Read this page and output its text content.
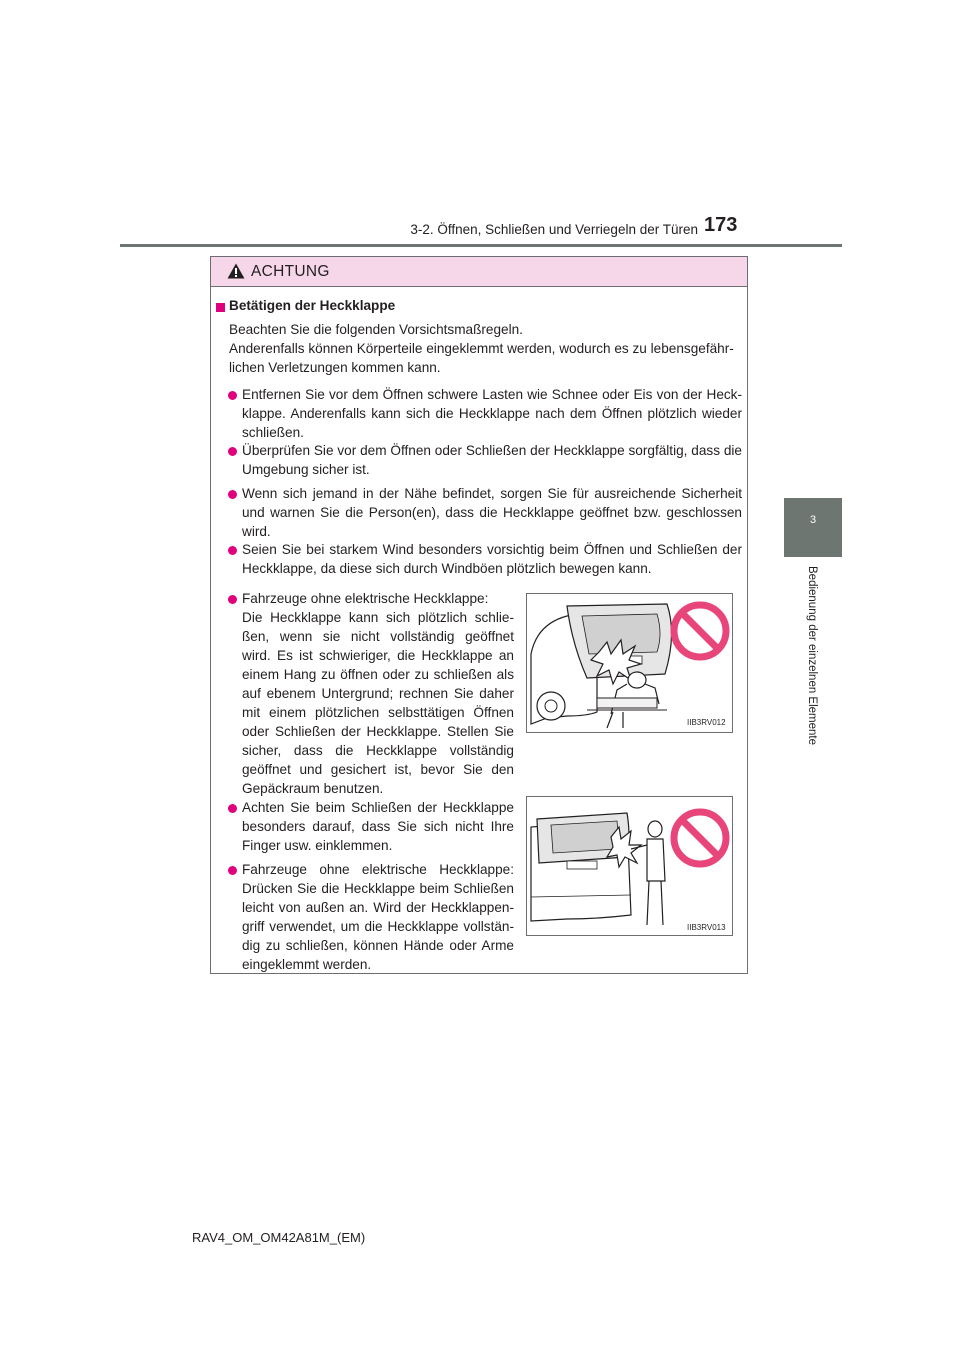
3-2. Öffnen, Schließen und Verriegeln der Türen 173
3
Bedienung der einzelnen Elemente
ACHTUNG
Betätigen der Heckklappe
Beachten Sie die folgenden Vorsichtsmaßregeln.
Anderenfalls können Körperteile eingeklemmt werden, wodurch es zu lebensgefähr-
lichen Verletzungen kommen kann.
Entfernen Sie vor dem Öffnen schwere Lasten wie Schnee oder Eis von der Heck-
klappe. Anderenfalls kann sich die Heckklappe nach dem Öffnen plötzlich wieder
schließen.
Überprüfen Sie vor dem Öffnen oder Schließen der Heckklappe sorgfältig, dass die
Umgebung sicher ist.
Wenn sich jemand in der Nähe befindet, sorgen Sie für ausreichende Sicherheit
und warnen Sie die Person(en), dass die Heckklappe geöffnet bzw. geschlossen
wird.
Seien Sie bei starkem Wind besonders vorsichtig beim Öffnen und Schließen der
Heckklappe, da diese sich durch Windböen plötzlich bewegen kann.
Fahrzeuge ohne elektrische Heckklappe:
Die Heckklappe kann sich plötzlich schlie-
ßen, wenn sie nicht vollständig geöffnet
wird. Es ist schwieriger, die Heckklappe an
einem Hang zu öffnen oder zu schließen als
auf ebenem Untergrund; rechnen Sie daher
mit einem plötzlichen selbsttätigen Öffnen
oder Schließen der Heckklappe. Stellen Sie
sicher, dass die Heckklappe vollständig
geöffnet und gesichert ist, bevor Sie den
Gepäckraum benutzen.
Achten Sie beim Schließen der Heckklappe
besonders darauf, dass Sie sich nicht Ihre
Finger usw. einklemmen.
Fahrzeuge ohne elektrische Heckklappe:
Drücken Sie die Heckklappe beim Schließen
leicht von außen an. Wird der Heckklappen-
griff verwendet, um die Heckklappe vollstän-
dig zu schließen, können Hände oder Arme
eingeklemmt werden.
IIB3RV012
IIB3RV013
RAV4_OM_OM42A81M_(EM)
